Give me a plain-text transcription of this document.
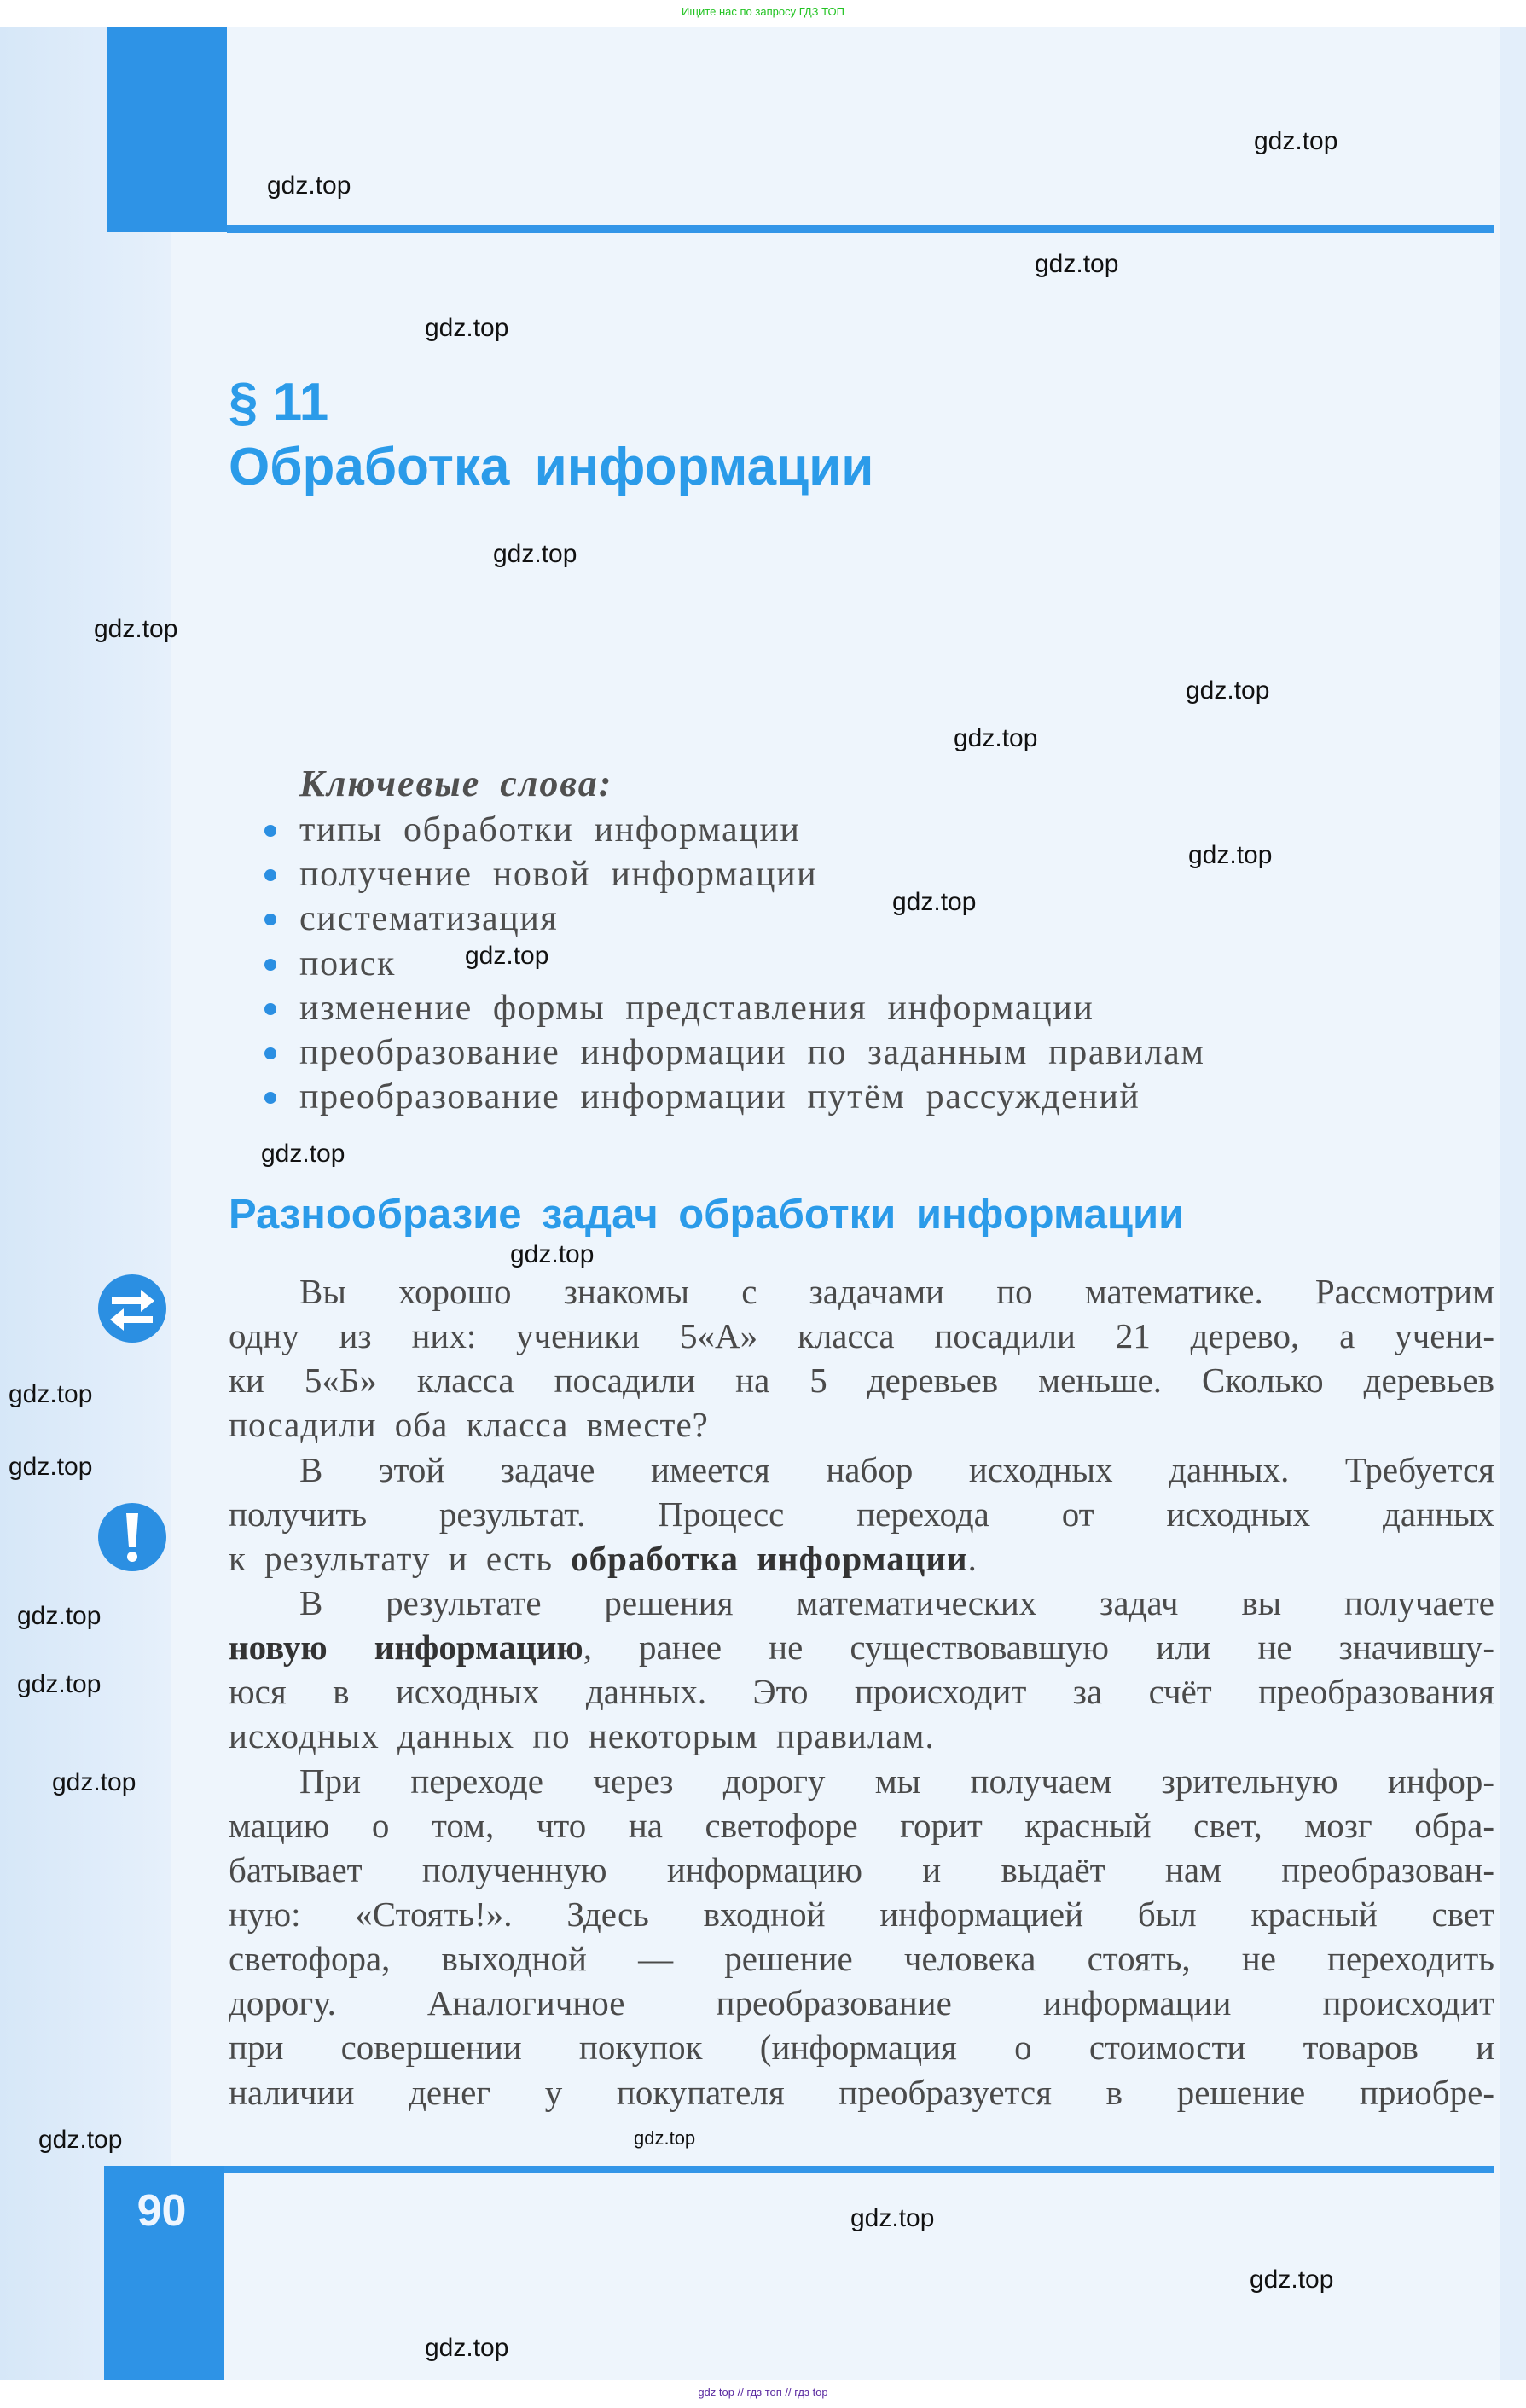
Ищите нас по запросу ГДЗ ТОП
§ 11
Обработка информации
Ключевые слова:
типы обработки информации
получение новой информации
систематизация
поиск
изменение формы представления информации
преобразование информации по заданным правилам
преобразование информации путём рассуждений
Разнообразие задач обработки информации
Вы хорошо знакомы с задачами по математике. Рассмотрим
одну из них: ученики 5«А» класса посадили 21 дерево, а учени-
ки 5«Б» класса посадили на 5 деревьев меньше. Сколько деревьев
посадили оба класса вместе?
В этой задаче имеется набор исходных данных. Требуется
получить результат. Процесс перехода от исходных данных
к результату и есть обработка информации.
В результате решения математических задач вы получаете
новую информацию, ранее не существовавшую или не значившу-
юся в исходных данных. Это происходит за счёт преобразования
исходных данных по некоторым правилам.
При переходе через дорогу мы получаем зрительную инфор-
мацию о том, что на светофоре горит красный свет, мозг обра-
батывает полученную информацию и выдаёт нам преобразован-
ную: «Стоять!». Здесь входной информацией был красный свет
светофора, выходной — решение человека стоять, не переходить
дорогу. Аналогичное преобразование информации происходит
при совершении покупок (информация о стоимости товаров и
наличии денег у покупателя преобразуется в решение приобре-
90
gdz top // гдз топ // гдз top
gdz.top
gdz.top
gdz.top
gdz.top
gdz.top
gdz.top
gdz.top
gdz.top
gdz.top
gdz.top
gdz.top
gdz.top
gdz.top
gdz.top
gdz.top
gdz.top
gdz.top
gdz.top
gdz.top
gdz.top
gdz.top
gdz.top
gdz.top
